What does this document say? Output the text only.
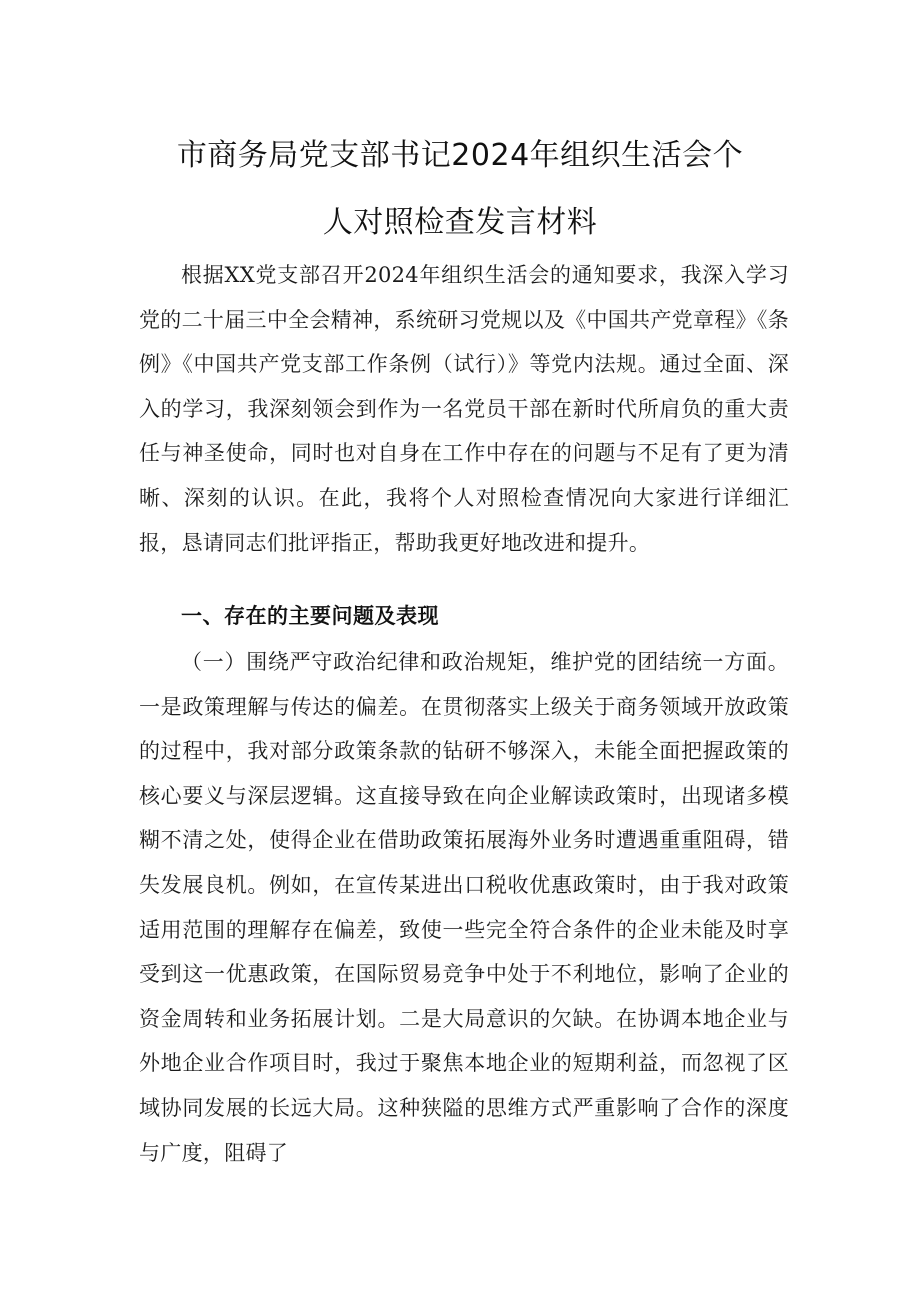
市商务局党支部书记2024年组织生活会个
人对照检查发言材料

根据XX党支部召开2024年组织生活会的通知要求，我深入学习党的二十届三中全会精神，系统研习党规以及《中国共产党章程》《条例》《中国共产党支部工作条例（试行）》等党内法规。通过全面、深入的学习，我深刻领会到作为一名党员干部在新时代所肩负的重大责任与神圣使命，同时也对自身在工作中存在的问题与不足有了更为清晰、深刻的认识。在此，我将个人对照检查情况向大家进行详细汇报，恳请同志们批评指正，帮助我更好地改进和提升。

一、存在的主要问题及表现

（一）围绕严守政治纪律和政治规矩，维护党的团结统一方面。一是政策理解与传达的偏差。在贯彻落实上级关于商务领域开放政策的过程中，我对部分政策条款的钻研不够深入，未能全面把握政策的核心要义与深层逻辑。这直接导致在向企业解读政策时，出现诸多模糊不清之处，使得企业在借助政策拓展海外业务时遭遇重重阻碍，错失发展良机。例如，在宣传某进出口税收优惠政策时，由于我对政策适用范围的理解存在偏差，致使一些完全符合条件的企业未能及时享受到这一优惠政策，在国际贸易竞争中处于不利地位，影响了企业的资金周转和业务拓展计划。二是大局意识的欠缺。在协调本地企业与外地企业合作项目时，我过于聚焦本地企业的短期利益，而忽视了区域协同发展的长远大局。这种狭隘的思维方式严重影响了合作的深度与广度，阻碍了
